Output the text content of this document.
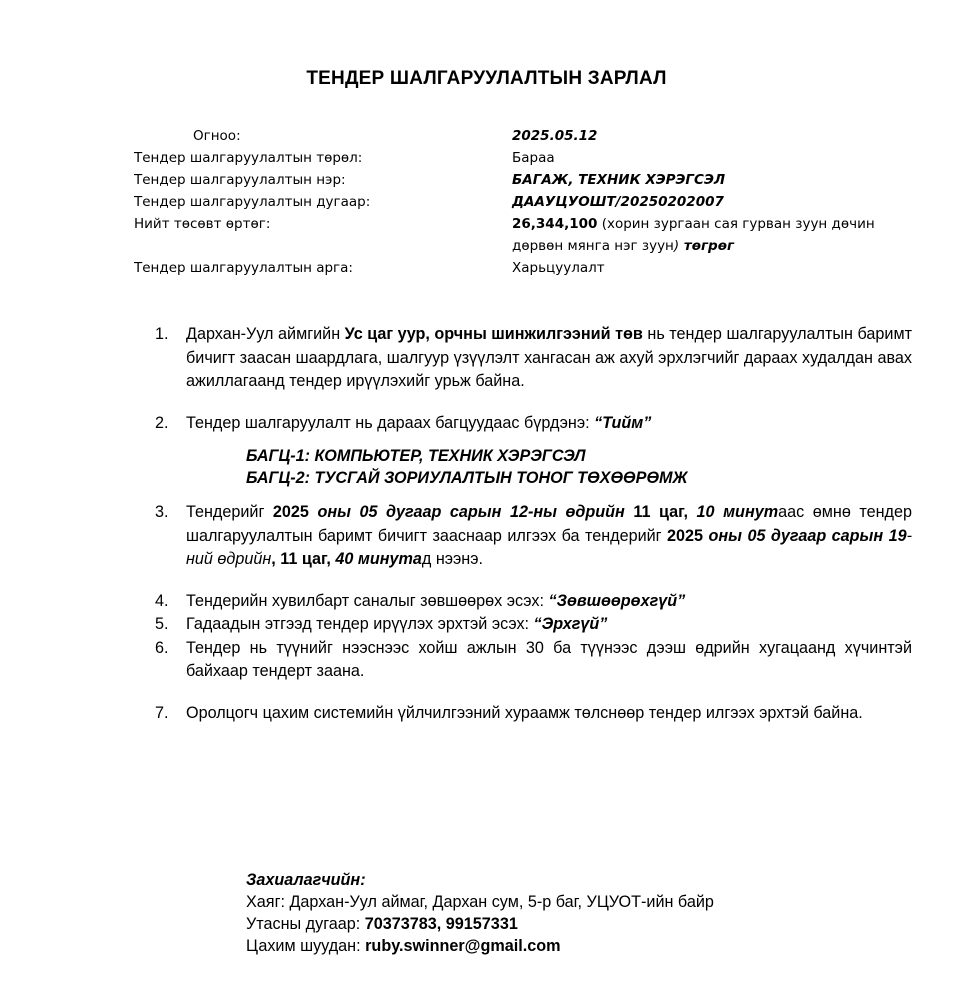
ТЕНДЕР ШАЛГАРУУЛАЛТЫН ЗАРЛАЛ
Огноо:	2025.05.12
Тендер шалгаруулалтын төрөл:	Бараа
Тендер шалгаруулалтын нэр:	БАГАЖ, ТЕХНИК ХЭРЭГСЭЛ
Тендер шалгаруулалтын дугаар:	ДААУЦУОШТ/20250202007
Нийт төсөвт өртөг:	26,344,100 (хорин зургаан сая гурван зуун дөчин дөрвөн мянга нэг зуун) төгрөг
Тендер шалгаруулалтын арга:	Харьцуулалт
1. Дархан-Уул аймгийн Ус цаг уур, орчны шинжилгээний төв нь тендер шалгаруулалтын баримт бичигт заасан шаардлага, шалгуур үзүүлэлт хангасан аж ахуй эрхлэгчийг дараах худалдан авах ажиллагаанд тендер ирүүлэхийг урьж байна.
2. Тендер шалгаруулалт нь дараах багцуудаас бүрдэнэ: “Тийм”
БАГЦ-1: КОМПЬЮТЕР, ТЕХНИК ХЭРЭГСЭЛ
БАГЦ-2: ТУСГАЙ ЗОРИУЛАЛТЫН ТОНОГ ТӨХӨӨРӨМЖ
3. Тендерийг 2025 оны 05 дугаар сарын 12-ны өдрийн 11 цаг, 10 минутаас өмнө тендер шалгаруулалтын баримт бичигт зааснаар илгээх ба тендерийг 2025 оны 05 дугаар сарын 19-ний өдрийн, 11 цаг, 40 минутад нээнэ.
4. Тендерийн хувилбарт саналыг зөвшөөрөх эсэх: “Зөвшөөрөхгүй”
5. Гадаадын этгээд тендер ирүүлэх эрхтэй эсэх: “Эрхгүй”
6. Тендер нь түүнийг нээснээс хойш ажлын 30 ба түүнээс дээш өдрийн хугацаанд хүчинтэй байхаар тендерт заана.
7. Оролцогч цахим системийн үйлчилгээний хураамж төлснөөр тендер илгээх эрхтэй байна.
Захиалагчийн:
Хаяг: Дархан-Уул аймаг, Дархан сум, 5-р баг, УЦУОТ-ийн байр
Утасны дугаар: 70373783, 99157331
Цахим шуудан: ruby.swinner@gmail.com
